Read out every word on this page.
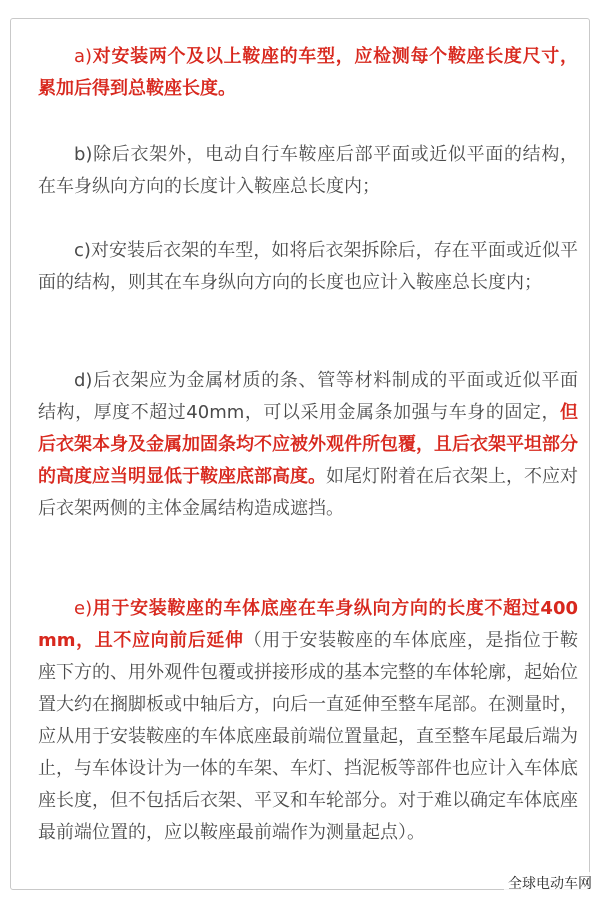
a)对安装两个及以上鞍座的车型，应检测每个鞍座长度尺寸，累加后得到总鞍座长度。

b)除后衣架外，电动自行车鞍座后部平面或近似平面的结构，在车身纵向方向的长度计入鞍座总长度内；

c)对安装后衣架的车型，如将后衣架拆除后，存在平面或近似平面的结构，则其在车身纵向方向的长度也应计入鞍座总长度内；

d)后衣架应为金属材质的条、管等材料制成的平面或近似平面结构，厚度不超过40mm，可以采用金属条加强与车身的固定，但后衣架本身及金属加固条均不应被外观件所包覆，且后衣架平坦部分的高度应当明显低于鞍座底部高度。如尾灯附着在后衣架上，不应对后衣架两侧的主体金属结构造成遮挡。

e)用于安装鞍座的车体底座在车身纵向方向的长度不超过400mm，且不应向前后延伸（用于安装鞍座的车体底座，是指位于鞍座下方的、用外观件包覆或拼接形成的基本完整的车体轮廓，起始位置大约在搁脚板或中轴后方，向后一直延伸至整车尾部。在测量时，应从用于安装鞍座的车体底座最前端位置量起，直至整车尾最后端为止，与车体设计为一体的车架、车灯、挡泥板等部件也应计入车体底座长度，但不包括后衣架、平叉和车轮部分。对于难以确定车体底座最前端位置的，应以鞍座最前端作为测量起点）。

全球电动车网
